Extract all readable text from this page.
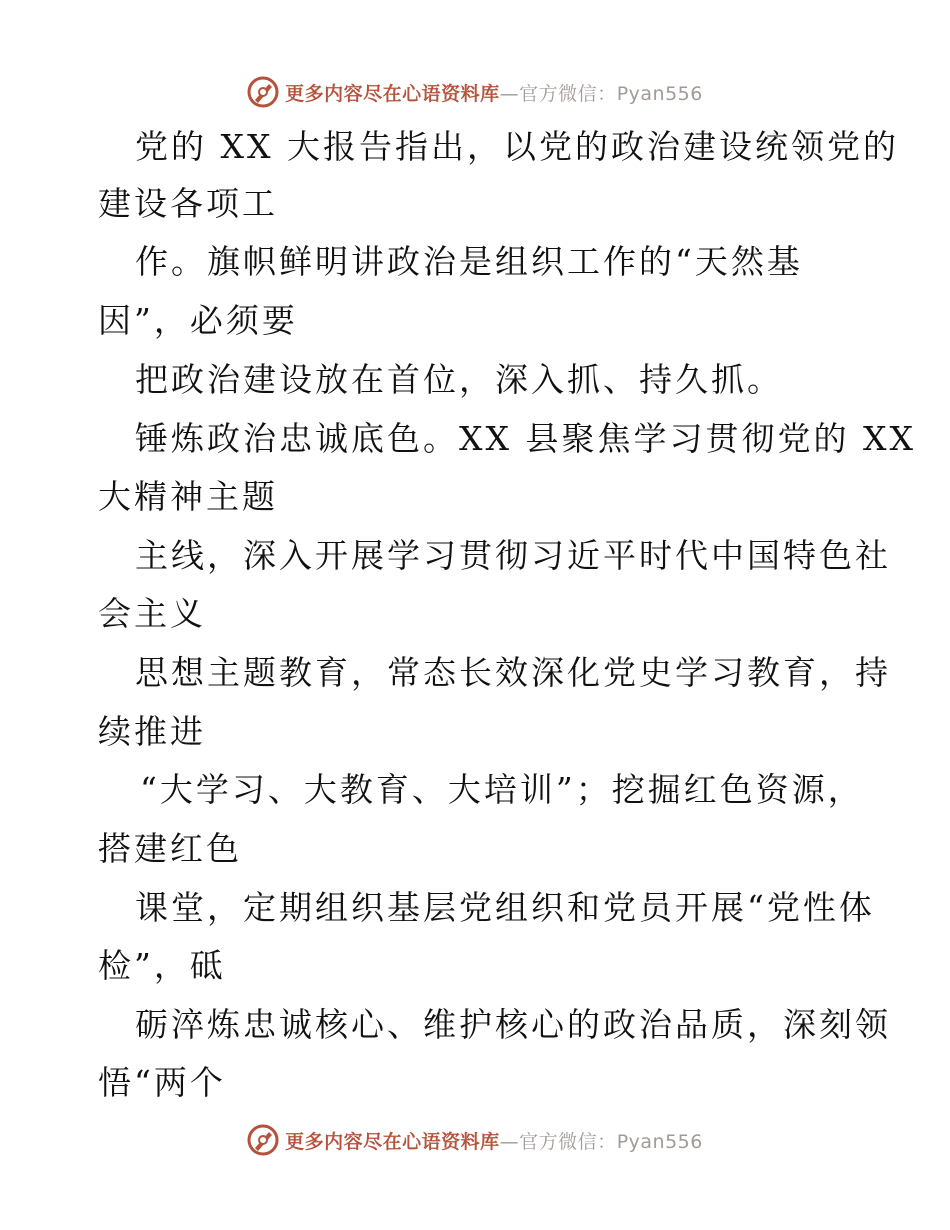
更多内容尽在心语资料库—官方微信：Pyan556
党的 XX 大报告指出，以党的政治建设统领党的
建设各项工
作。旗帜鲜明讲政治是组织工作的“天然基
因”，必须要
把政治建设放在首位，深入抓、持久抓。
锤炼政治忠诚底色。XX 县聚焦学习贯彻党的 XX
大精神主题
主线，深入开展学习贯彻习近平时代中国特色社
会主义
思想主题教育，常态长效深化党史学习教育，持
续推进
“大学习、大教育、大培训”；挖掘红色资源，
搭建红色
课堂，定期组织基层党组织和党员开展“党性体
检”，砥
砺淬炼忠诚核心、维护核心的政治品质，深刻领
悟“两个
更多内容尽在心语资料库—官方微信：Pyan556
